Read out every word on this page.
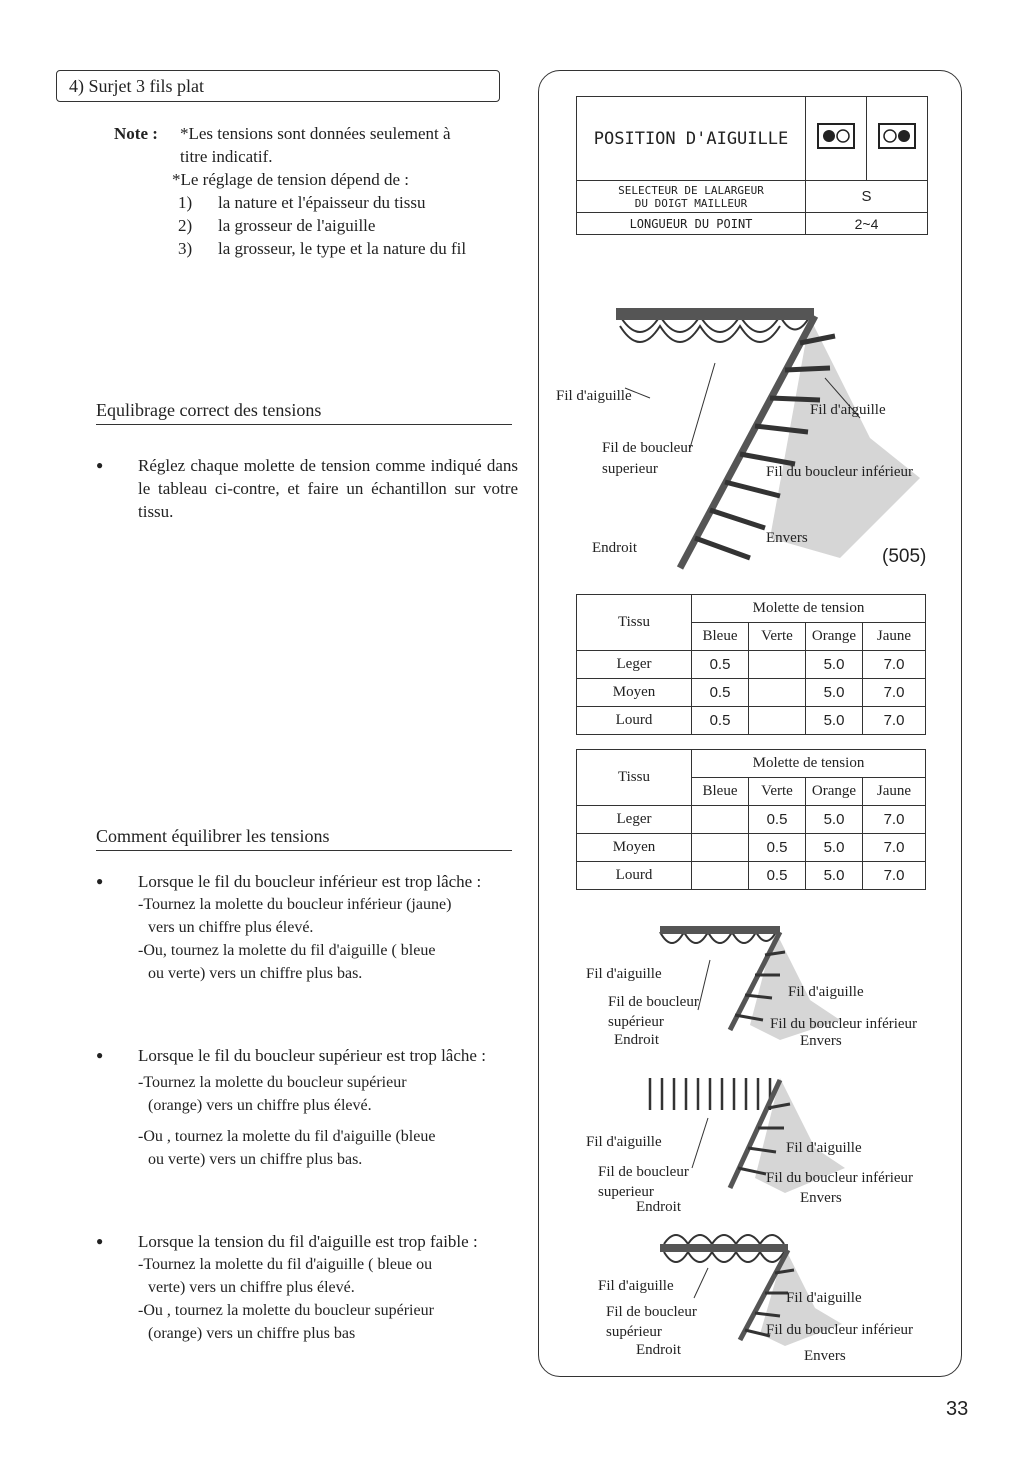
4) Surjet 3 fils plat
Note :	*Les tensions sont données seulement à
titre indicatif.
*Le réglage de tension dépend de :
1)	la nature et l'épaisseur du tissu
2)	la grosseur de l'aiguille
3)	la grosseur, le type et la nature du fil
Equlibrage correct des tensions
●	Réglez chaque molette de tension comme indiqué dans le tableau ci-contre, et faire un échantillon sur votre tissu.
Comment équilibrer les tensions
●	Lorsque le fil du boucleur inférieur est trop lâche :
-Tournez la molette du boucleur inférieur (jaune)
vers un chiffre plus élevé.
-Ou, tournez la molette du fil d'aiguille ( bleue
ou verte) vers un chiffre plus bas.
●	Lorsque le fil du boucleur supérieur est trop lâche :
-Tournez la molette du boucleur supérieur
(orange) vers un chiffre plus élevé.
-Ou , tournez la molette du fil d'aiguille (bleue
ou verte) vers un chiffre plus bas.
●	Lorsque la tension du fil d'aiguille est trop faible :
-Tournez la molette du fil d'aiguille ( bleue ou
verte) vers un chiffre plus élevé.
-Ou , tournez la molette du boucleur supérieur
(orange) vers un chiffre plus bas
POSITION D'AIGUILLE		

SELECTEUR DE LALARGEUR
DU DOIGT MAILLEUR	S	
LONGUEUR DU POINT	2~4	
Fil d'aiguille
Fil de boucleur
superieur
Endroit
Fil d'aiguille
Fil du boucleur inférieur
Envers
(505)
Tissu	Molette de tension			
	Bleue	Verte	Orange	Jaune
Leger	0.5		5.0	7.0
Moyen	0.5		5.0	7.0
Lourd	0.5		5.0	7.0
Tissu	Molette de tension			
	Bleue	Verte	Orange	Jaune
Leger		0.5	5.0	7.0
Moyen		0.5	5.0	7.0
Lourd		0.5	5.0	7.0
Fil d'aiguille
Fil de boucleur
supérieur
Endroit
Fil d'aiguille
Fil du boucleur inférieur
Envers
Fil d'aiguille
Fil de boucleur
superieur
Endroit
Fil d'aiguille
Fil du boucleur inférieur
Envers
Fil d'aiguille
Fil de boucleur
supérieur
Endroit
Fil d'aiguille
Fil du boucleur inférieur
Envers
33
